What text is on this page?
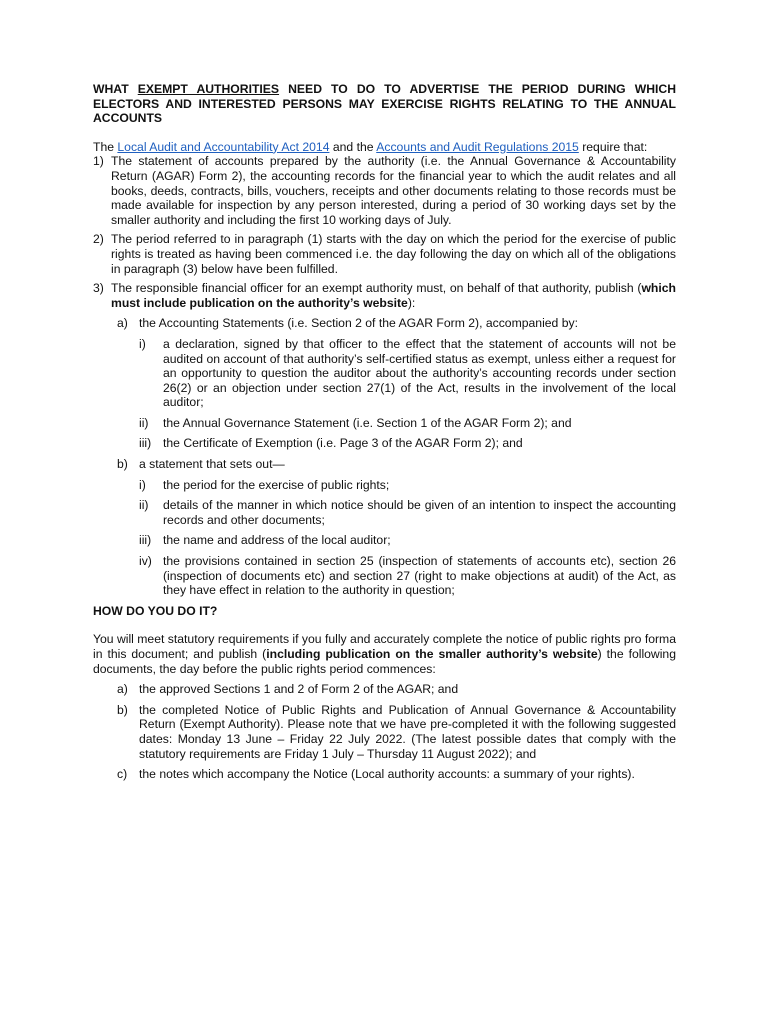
WHAT EXEMPT AUTHORITIES NEED TO DO TO ADVERTISE THE PERIOD DURING WHICH ELECTORS AND INTERESTED PERSONS MAY EXERCISE RIGHTS RELATING TO THE ANNUAL ACCOUNTS

The Local Audit and Accountability Act 2014 and the Accounts and Audit Regulations 2015 require that:

1) The statement of accounts prepared by the authority (i.e. the Annual Governance & Accountability Return (AGAR) Form 2), the accounting records for the financial year to which the audit relates and all books, deeds, contracts, bills, vouchers, receipts and other documents relating to those records must be made available for inspection by any person interested, during a period of 30 working days set by the smaller authority and including the first 10 working days of July.
2) The period referred to in paragraph (1) starts with the day on which the period for the exercise of public rights is treated as having been commenced i.e. the day following the day on which all of the obligations in paragraph (3) below have been fulfilled.
3) The responsible financial officer for an exempt authority must, on behalf of that authority, publish (which must include publication on the authority’s website):
a) the Accounting Statements (i.e. Section 2 of the AGAR Form 2), accompanied by:
i)	a declaration, signed by that officer to the effect that the statement of accounts will not be audited on account of that authority’s self-certified status as exempt, unless either a request for an opportunity to question the auditor about the authority’s accounting records under section 26(2) or an objection under section 27(1) of the Act, results in the involvement of the local auditor;
ii)	the Annual Governance Statement (i.e. Section 1 of the AGAR Form 2); and
iii) the Certificate of Exemption (i.e. Page 3 of the AGAR Form 2); and
b) a statement that sets out—
i)	the period for the exercise of public rights;
ii)	details of the manner in which notice should be given of an intention to inspect the accounting records and other documents;
iii) the name and address of the local auditor;
iv) the provisions contained in section 25 (inspection of statements of accounts etc), section 26 (inspection of documents etc) and section 27 (right to make objections at audit) of the Act, as they have effect in relation to the authority in question;
HOW DO YOU DO IT?

You will meet statutory requirements if you fully and accurately complete the notice of public rights pro forma in this document; and publish (including publication on the smaller authority’s website) the following documents, the day before the public rights period commences:

a) the approved Sections 1 and 2 of Form 2 of the AGAR; and
b) the completed Notice of Public Rights and Publication of Annual Governance & Accountability Return (Exempt Authority). Please note that we have pre-completed it with the following suggested dates: Monday 13 June – Friday 22 July 2022. (The latest possible dates that comply with the statutory requirements are Friday 1 July – Thursday 11 August 2022); and
c) the notes which accompany the Notice (Local authority accounts: a summary of your rights).
